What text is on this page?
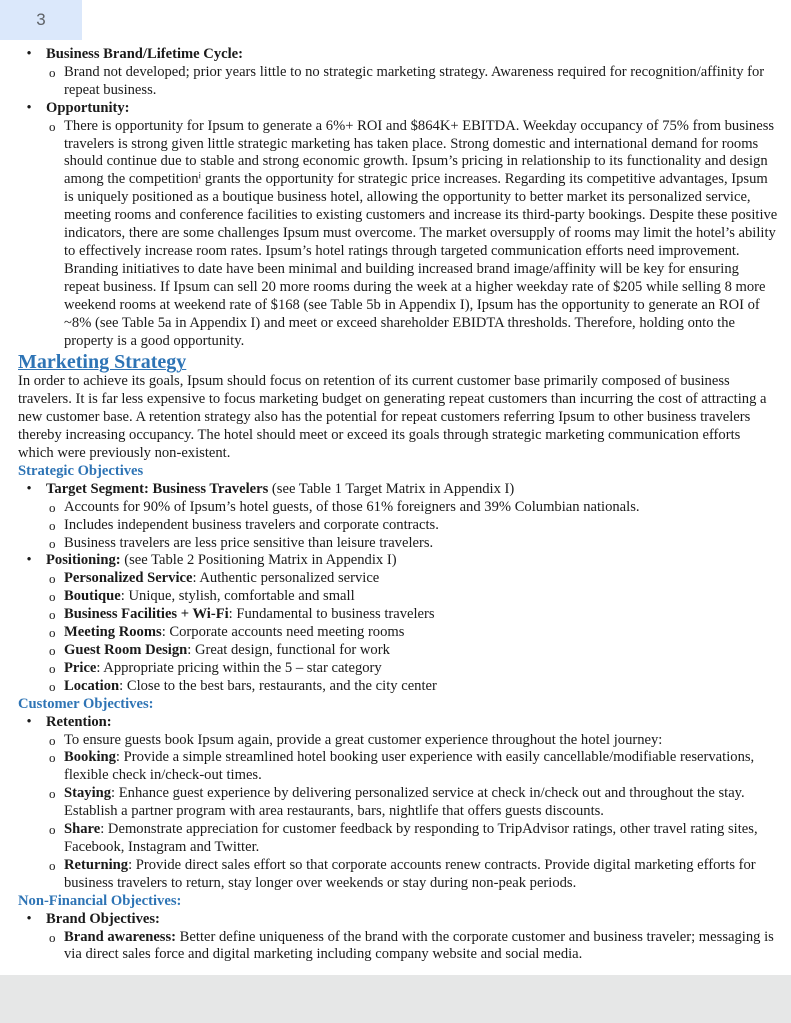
3
• Business Brand/Lifetime Cycle:
o Brand not developed; prior years little to no strategic marketing strategy. Awareness required for recognition/affinity for repeat business.
• Opportunity:
o There is opportunity for Ipsum to generate a 6%+ ROI and $864K+ EBITDA. Weekday occupancy of 75% from business travelers is strong given little strategic marketing has taken place. Strong domestic and international demand for rooms should continue due to stable and strong economic growth. Ipsum’s pricing in relationship to its functionality and design among the competitionⁱ grants the opportunity for strategic price increases. Regarding its competitive advantages, Ipsum is uniquely positioned as a boutique business hotel, allowing the opportunity to better market its personalized service, meeting rooms and conference facilities to existing customers and increase its third-party bookings. Despite these positive indicators, there are some challenges Ipsum must overcome. The market oversupply of rooms may limit the hotel’s ability to effectively increase room rates. Ipsum’s hotel ratings through targeted communication efforts need improvement. Branding initiatives to date have been minimal and building increased brand image/affinity will be key for ensuring repeat business. If Ipsum can sell 20 more rooms during the week at a higher weekday rate of $205 while selling 8 more weekend rooms at weekend rate of $168 (see Table 5b in Appendix I), Ipsum has the opportunity to generate an ROI of ~8% (see Table 5a in Appendix I) and meet or exceed shareholder EBIDTA thresholds. Therefore, holding onto the property is a good opportunity.
Marketing Strategy
In order to achieve its goals, Ipsum should focus on retention of its current customer base primarily composed of business travelers. It is far less expensive to focus marketing budget on generating repeat customers than incurring the cost of attracting a new customer base. A retention strategy also has the potential for repeat customers referring Ipsum to other business travelers thereby increasing occupancy. The hotel should meet or exceed its goals through strategic marketing communication efforts which were previously non-existent.
Strategic Objectives
• Target Segment: Business Travelers (see Table 1 Target Matrix in Appendix I)
o Accounts for 90% of Ipsum’s hotel guests, of those 61% foreigners and 39% Columbian nationals.
o Includes independent business travelers and corporate contracts.
o Business travelers are less price sensitive than leisure travelers.
• Positioning: (see Table 2 Positioning Matrix in Appendix I)
o Personalized Service: Authentic personalized service
o Boutique: Unique, stylish, comfortable and small
o Business Facilities + Wi-Fi: Fundamental to business travelers
o Meeting Rooms: Corporate accounts need meeting rooms
o Guest Room Design: Great design, functional for work
o Price: Appropriate pricing within the 5 – star category
o Location: Close to the best bars, restaurants, and the city center
Customer Objectives:
• Retention:
o To ensure guests book Ipsum again, provide a great customer experience throughout the hotel journey:
o Booking: Provide a simple streamlined hotel booking user experience with easily cancellable/modifiable reservations, flexible check in/check-out times.
o Staying: Enhance guest experience by delivering personalized service at check in/check out and throughout the stay. Establish a partner program with area restaurants, bars, nightlife that offers guests discounts.
o Share: Demonstrate appreciation for customer feedback by responding to TripAdvisor ratings, other travel rating sites, Facebook, Instagram and Twitter.
o Returning: Provide direct sales effort so that corporate accounts renew contracts. Provide digital marketing efforts for business travelers to return, stay longer over weekends or stay during non-peak periods.
Non-Financial Objectives:
• Brand Objectives:
o Brand awareness: Better define uniqueness of the brand with the corporate customer and business traveler; messaging is via direct sales force and digital marketing including company website and social media.
